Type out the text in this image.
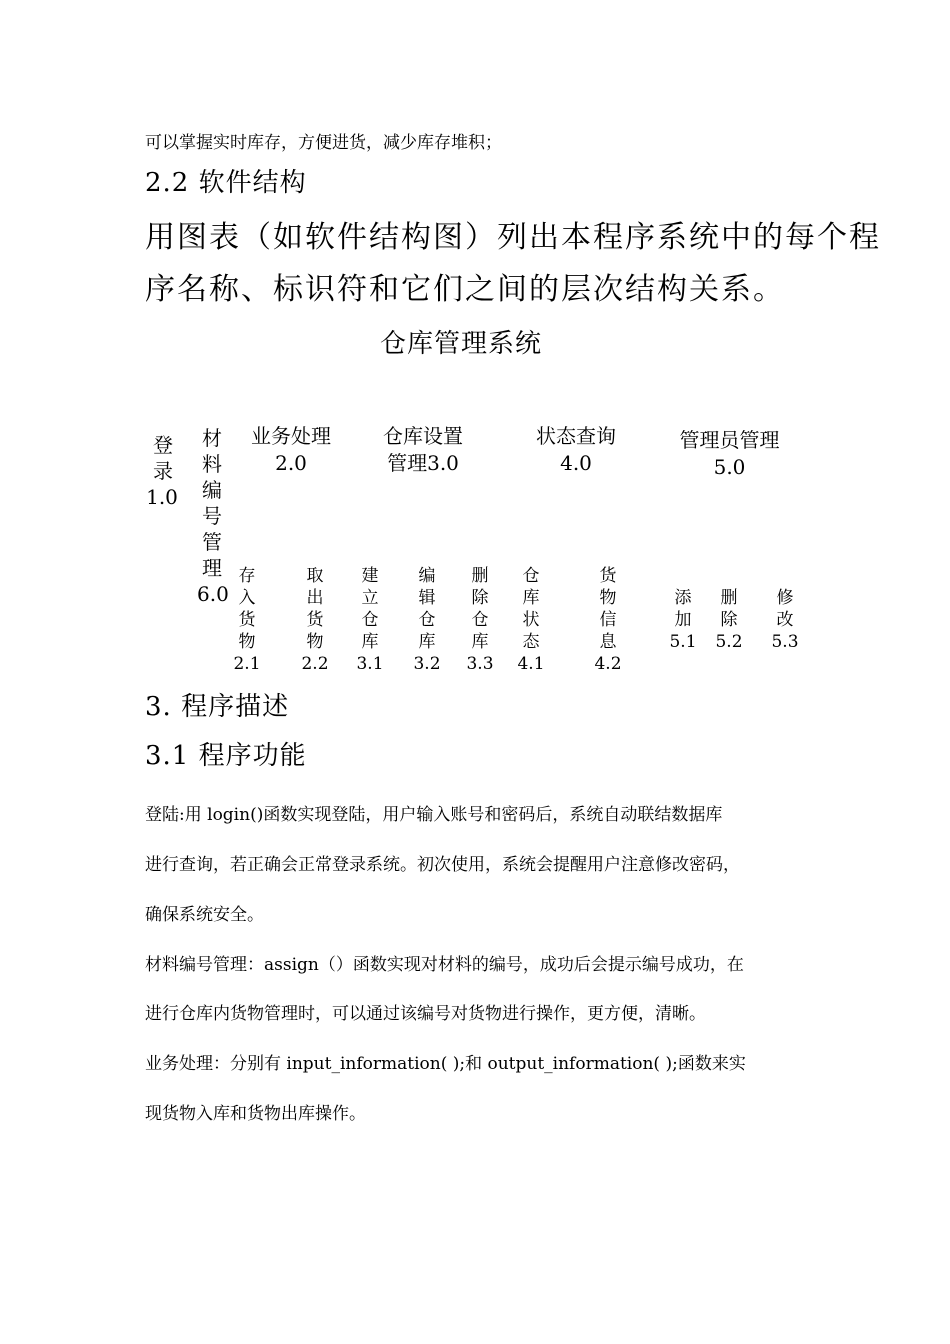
可以掌握实时库存，方便进货，减少库存堆积；
2.2 软件结构
用图表（如软件结构图）列出本程序系统中的每个程
序名称、标识符和它们之间的层次结构关系。
仓库管理系统
登
录
1.0
材
料
编
号
管
理
6.0
业务处理
2.0
仓库设置
管理3.0
状态查询
4.0
管理员管理
5.0
存
入
货
物
2.1
取
出
货
物
2.2
建
立
仓
库
3.1
编
辑
仓
库
3.2
删
除
仓
库
3.3
仓
库
状
态
4.1
货
物
信
息
4.2
添
加
5.1
删
除
5.2
修
改
5.3
3. 程序描述
3.1 程序功能
登陆:用 login()函数实现登陆，用户输入账号和密码后，系统自动联结数据库
进行查询，若正确会正常登录系统。初次使用，系统会提醒用户注意修改密码，
确保系统安全。
材料编号管理：assign（）函数实现对材料的编号，成功后会提示编号成功，在
进行仓库内货物管理时，可以通过该编号对货物进行操作，更方便，清晰。
业务处理：分别有 input_information( );和 output_information( );函数来实
现货物入库和货物出库操作。
